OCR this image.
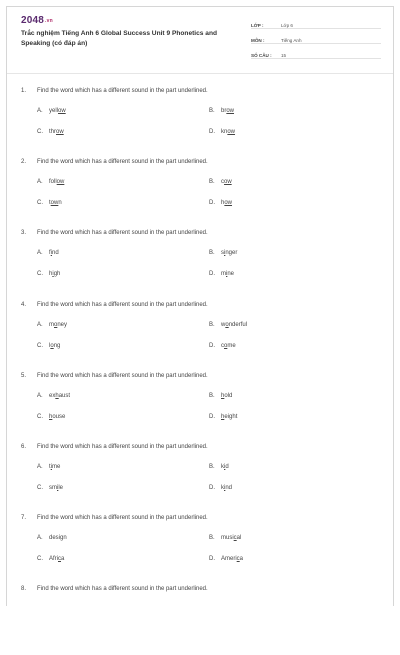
$2048^{.vn}$
Trắc nghiệm Tiếng Anh 6 Global Success Unit 9 Phonetics and Speaking (có đáp án)
LỚP :	Lớp 6
MÔN :	Tiếng Anh
SỐ CÂU :	15
1. Find the word which has a different sound in the part underlined.
A. yellow	B. brow
C. throw	D. know
2. Find the word which has a different sound in the part underlined.
A. follow	B. cow
C. town	D. how
3. Find the word which has a different sound in the part underlined.
A. find	B. singer
C. high	D. mine
4. Find the word which has a different sound in the part underlined.
A. money	B. wonderful
C. long	D. come
5. Find the word which has a different sound in the part underlined.
A. exhaust	B. hold
C. house	D. height
6. Find the word which has a different sound in the part underlined.
A. time	B. kid
C. smile	D. kind
7. Find the word which has a different sound in the part underlined.
A. design	B. musical
C. Africa	D. America
8. Find the word which has a different sound in the part underlined.
